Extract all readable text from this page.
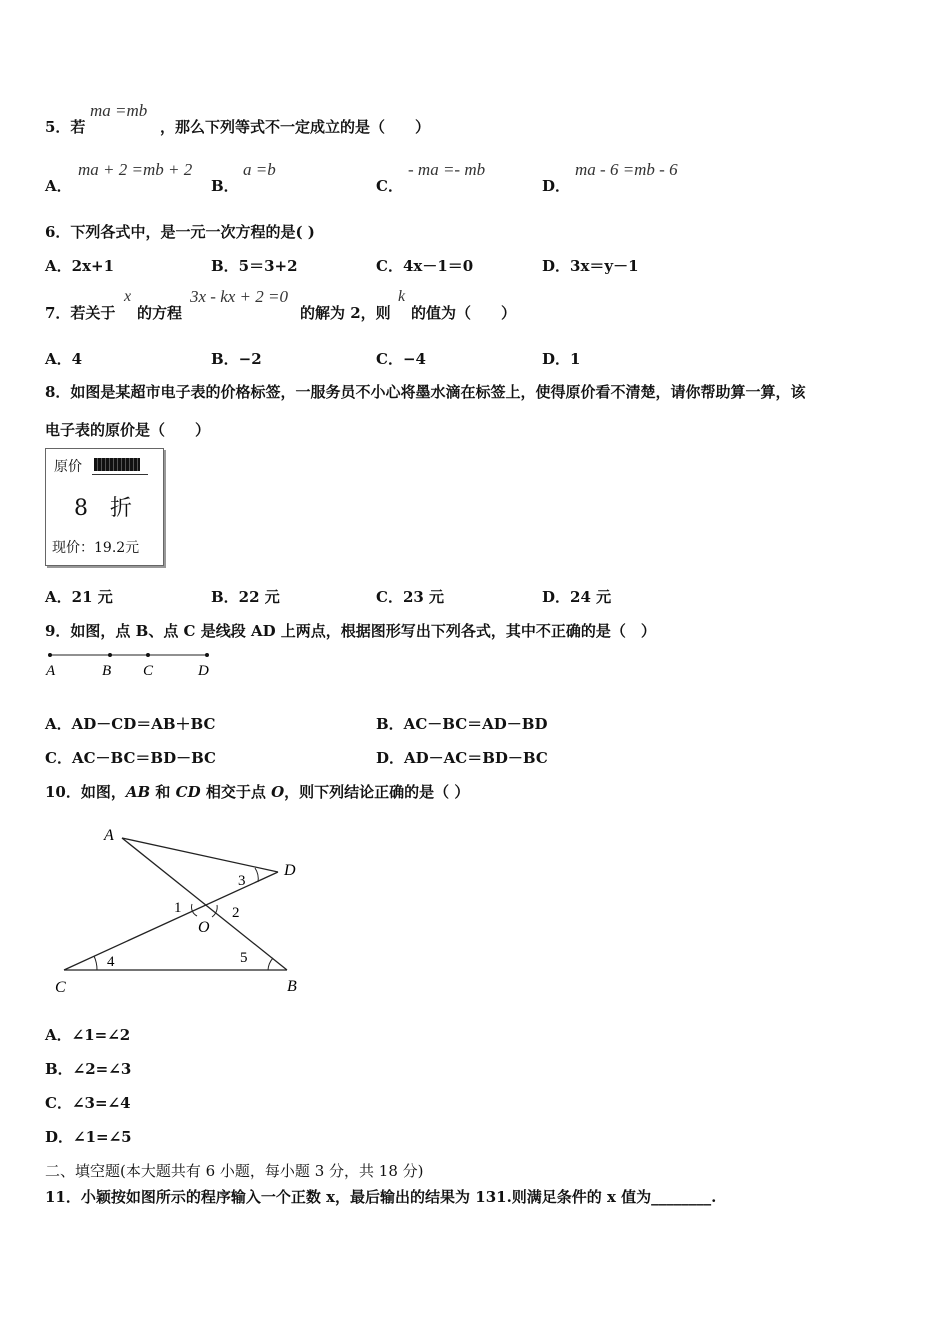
5．若
ma =mb
，那么下列等式不一定成立的是（　　）
A．
ma + 2 =mb + 2
B．
a =b
C．
- ma =- mb
D．
ma - 6 =mb - 6
6．下列各式中，是一元一次方程的是( )
A．2x+1	B．5＝3+2	C．4x－1＝0	D．3x＝y－1
7．若关于
x
的方程
3x - kx + 2 =0
的解为 2，则
k
的值为（　　）
A．4	B．−2	C．−4	D．1
8．如图是某超市电子表的价格标签，一服务员不小心将墨水滴在标签上，使得原价看不清楚，请你帮助算一算，该
电子表的原价是（　　）
原价
8　折
现价：19.2元
A．21 元	B．22 元	C．23 元	D．24 元
9．如图，点 B、点 C 是线段 AD 上两点，根据图形写出下列各式，其中不正确的是（　）
A	B C	D
A．AD－CD＝AB＋BC	B．AC－BC＝AD－BD
C．AC－BC＝BD－BC	D．AD－AC＝BD－BC
10．如图，AB 和 CD 相交于点 O，则下列结论正确的是（ ）
A
D
C	B
O
1	2
3
4	5
A．∠1=∠2
B．∠2=∠3
C．∠3=∠4
D．∠1=∠5
二、填空题(本大题共有 6 小题，每小题 3 分，共 18 分)
11．小颖按如图所示的程序输入一个正数 x，最后输出的结果为 131.则满足条件的 x 值为________.
